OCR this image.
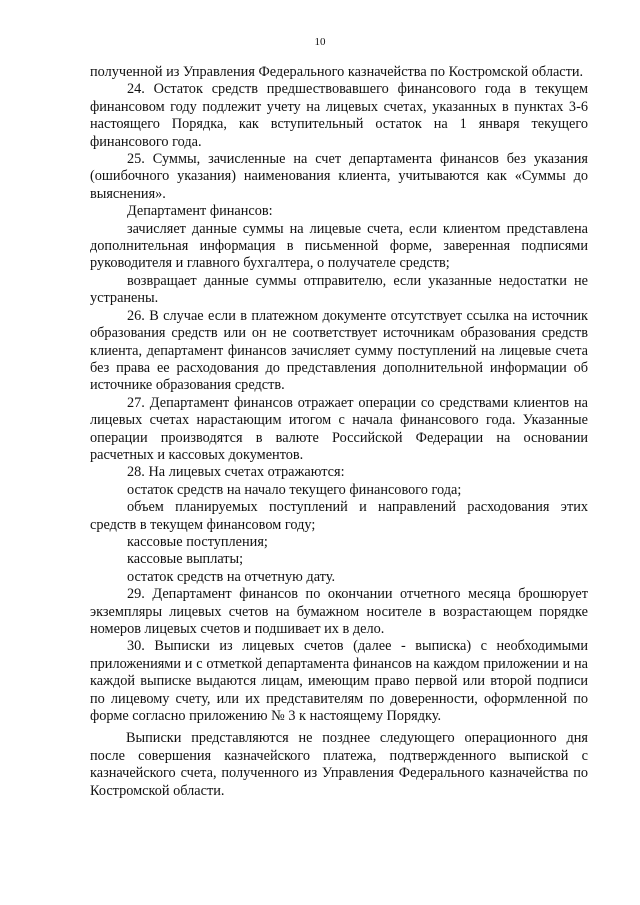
10

полученной из Управления Федерального казначейства по Костромской области.

24. Остаток средств предшествовавшего финансового года в текущем финансовом году подлежит учету на лицевых счетах, указанных в пунктах 3-6 настоящего Порядка, как вступительный остаток на 1 января текущего финансового года.

25. Суммы, зачисленные на счет департамента финансов без указания (ошибочного указания) наименования клиента, учитываются как «Суммы до выяснения».

Департамент финансов:

зачисляет данные суммы на лицевые счета, если клиентом представлена дополнительная информация в письменной форме, заверенная подписями руководителя и главного бухгалтера, о получателе средств;

возвращает данные суммы отправителю, если указанные недостатки не устранены.

26. В случае если в платежном документе отсутствует ссылка на источник образования средств или он не соответствует источникам образования средств клиента, департамент финансов зачисляет сумму поступлений на лицевые счета без права ее расходования до представления дополнительной информации об источнике образования средств.

27. Департамент финансов отражает операции со средствами клиентов на лицевых счетах нарастающим итогом с начала финансового года. Указанные операции производятся в валюте Российской Федерации на основании расчетных и кассовых документов.

28. На лицевых счетах отражаются:

остаток средств на начало текущего финансового года;

объем планируемых поступлений и направлений расходования этих средств в текущем финансовом году;

кассовые поступления;

кассовые выплаты;

остаток средств на отчетную дату.

29. Департамент финансов по окончании отчетного месяца брошюрует экземпляры лицевых счетов на бумажном носителе в возрастающем порядке номеров лицевых счетов и подшивает их в дело.

30. Выписки из лицевых счетов (далее - выписка) с необходимыми приложениями и с отметкой департамента финансов на каждом приложении и на каждой выписке выдаются лицам, имеющим право первой или второй подписи по лицевому счету, или их представителям по доверенности, оформленной по форме согласно приложению № 3 к настоящему Порядку.

Выписки представляются не позднее следующего операционного дня после совершения казначейского платежа, подтвержденного выпиской с казначейского счета, полученного из Управления Федерального казначейства по Костромской области.
